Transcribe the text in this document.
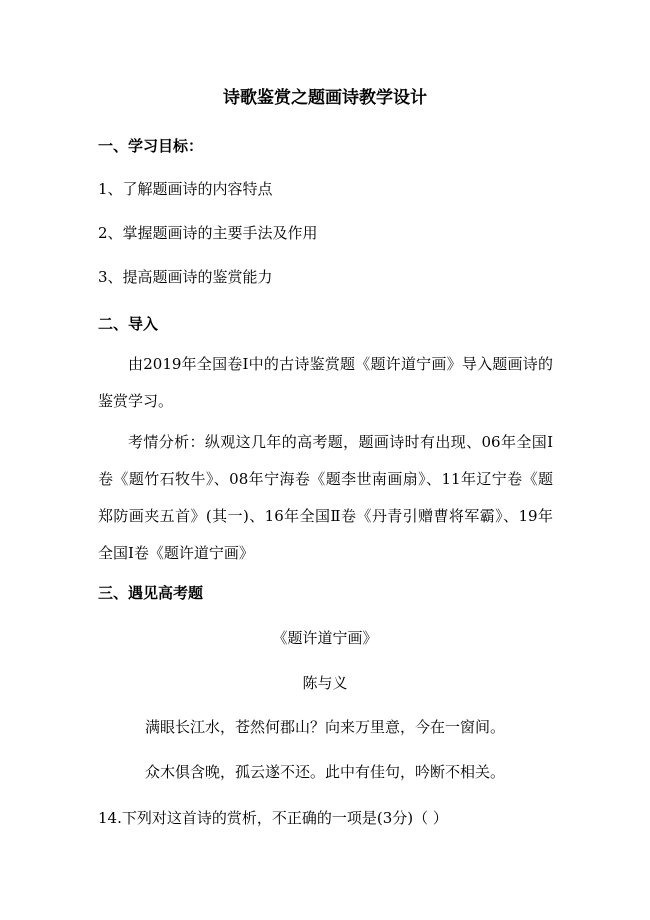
诗歌鉴赏之题画诗教学设计
一、学习目标：
1、了解题画诗的内容特点
2、掌握题画诗的主要手法及作用
3、提高题画诗的鉴赏能力
二、导入
由2019年全国卷Ⅰ中的古诗鉴赏题《题许道宁画》导入题画诗的鉴赏学习。
考情分析：纵观这几年的高考题，题画诗时有出现、06年全国Ⅰ卷《题竹石牧牛》、08年宁海卷《题李世南画扇》、11年辽宁卷《题郑防画夹五首》(其一)、16年全国Ⅱ卷《丹青引赠曹将军霸》、19年全国Ⅰ卷《题许道宁画》
三、遇见高考题
《题许道宁画》
陈与义
满眼长江水，苍然何郡山？向来万里意，今在一窗间。
众木俱含晚，孤云遂不还。此中有佳句，吟断不相关。
14.下列对这首诗的赏析，不正确的一项是(3分)（ ）
